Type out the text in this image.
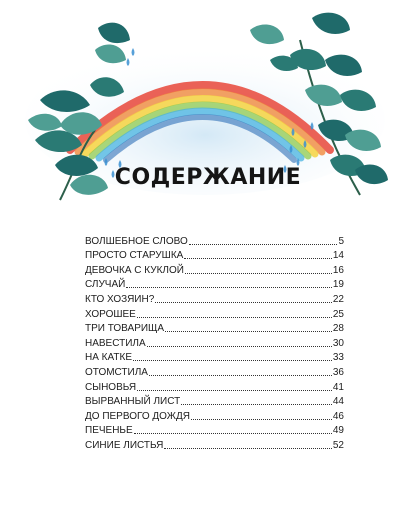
СОДЕРЖАНИЕ
ВОЛШЕБНОЕ СЛОВО	5
ПРОСТО СТАРУШКА	14
ДЕВОЧКА С КУКЛОЙ	16
СЛУЧАЙ	19
КТО ХОЗЯИН?	22
ХОРОШЕЕ	25
ТРИ ТОВАРИЩА	28
НАВЕСТИЛА	30
НА КАТКЕ	33
ОТОМСТИЛА	36
СЫНОВЬЯ	41
ВЫРВАННЫЙ ЛИСТ	44
ДО ПЕРВОГО ДОЖДЯ	46
ПЕЧЕНЬЕ	49
СИНИЕ ЛИСТЬЯ	52
